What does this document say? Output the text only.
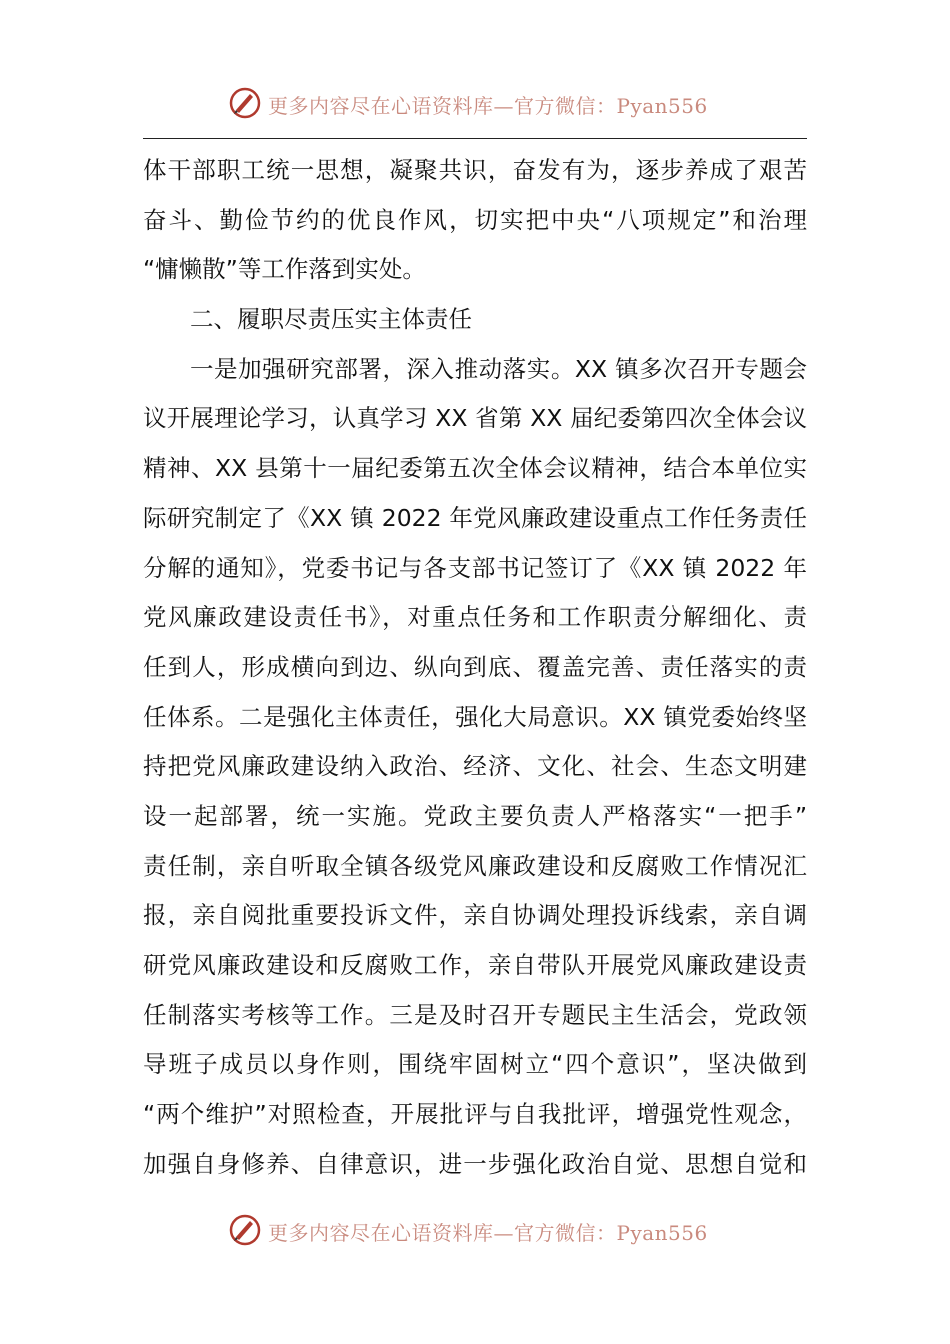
更多内容尽在心语资料库—官方微信：Pyan556
体干部职工统一思想，凝聚共识，奋发有为，逐步养成了艰苦
奋斗、勤俭节约的优良作风，切实把中央“八项规定”和治理
“慵懒散”等工作落到实处。
二、履职尽责压实主体责任
一是加强研究部署，深入推动落实。XX 镇多次召开专题会
议开展理论学习，认真学习 XX 省第 XX 届纪委第四次全体会议
精神、XX 县第十一届纪委第五次全体会议精神，结合本单位实
际研究制定了《XX 镇 2022 年党风廉政建设重点工作任务责任
分解的通知》，党委书记与各支部书记签订了《XX 镇 2022 年
党风廉政建设责任书》，对重点任务和工作职责分解细化、责
任到人，形成横向到边、纵向到底、覆盖完善、责任落实的责
任体系。二是强化主体责任，强化大局意识。XX 镇党委始终坚
持把党风廉政建设纳入政治、经济、文化、社会、生态文明建
设一起部署，统一实施。党政主要负责人严格落实“一把手”
责任制，亲自听取全镇各级党风廉政建设和反腐败工作情况汇
报，亲自阅批重要投诉文件，亲自协调处理投诉线索，亲自调
研党风廉政建设和反腐败工作，亲自带队开展党风廉政建设责
任制落实考核等工作。三是及时召开专题民主生活会，党政领
导班子成员以身作则，围绕牢固树立“四个意识”，坚决做到
“两个维护”对照检查，开展批评与自我批评，增强党性观念，
加强自身修养、自律意识，进一步强化政治自觉、思想自觉和
更多内容尽在心语资料库—官方微信：Pyan556
